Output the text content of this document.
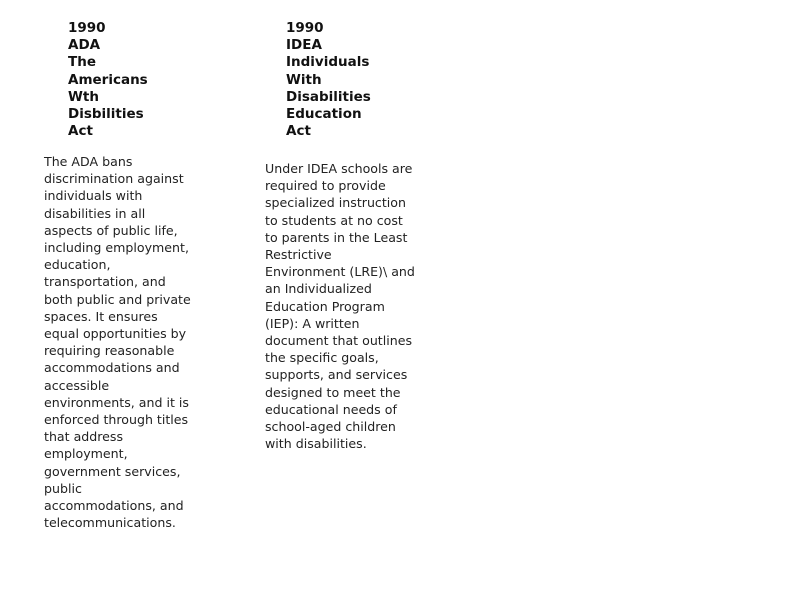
1990
ADA
The
Americans
Wth
Disbilities
Act

The ADA bans discrimination against individuals with disabilities in all aspects of public life, including employment, education, transportation, and both public and private spaces. It ensures equal opportunities by requiring reasonable accommodations and accessible environments, and it is enforced through titles that address employment, government services, public accommodations, and telecommunications.

1990
IDEA
Individuals
With
Disabilities
Education
Act

Under IDEA schools are required to provide specialized instruction to students at no cost to parents in the Least Restrictive Environment (LRE)\ and an Individualized Education Program (IEP): A written document that outlines the specific goals, supports, and services designed to meet the educational needs of school-aged children with disabilities.
